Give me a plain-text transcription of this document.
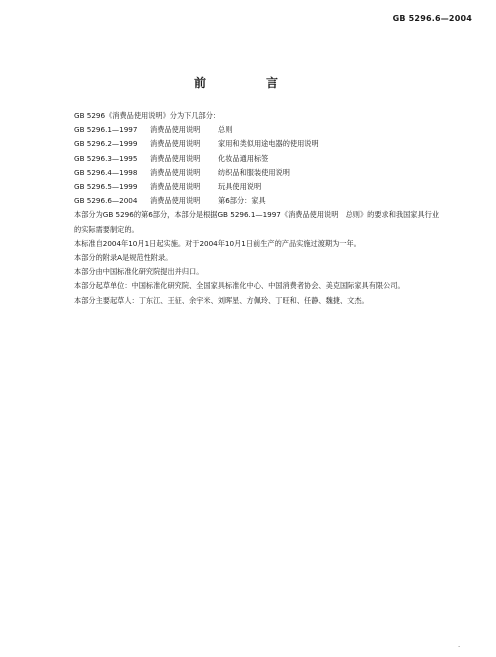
GB 5296.6—2004
前　言

GB 5296《消费品使用说明》分为下几部分：

GB 5296.1—1997	消费品使用说明	总则
GB 5296.2—1999	消费品使用说明	家用和类似用途电器的使用说明
GB 5296.3—1995	消费品使用说明	化妆品通用标签
GB 5296.4—1998	消费品使用说明	纺织品和服装使用说明
GB 5296.5—1999	消费品使用说明	玩具使用说明
GB 5296.6—2004	消费品使用说明	第6部分：家具

本部分为GB 5296的第6部分，本部分是根据GB 5296.1—1997《消费品使用说明　总则》的要求和我国家具行业的实际需要制定的。

本标准自2004年10月1日起实施。对于2004年10月1日前生产的产品实施过渡期为一年。

本部分的附录A是规范性附录。

本部分由中国标准化研究院提出并归口。

本部分起草单位：中国标准化研究院、全国家具标准化中心、中国消费者协会、美克国际家具有限公司。

本部分主要起草人：丁东江、王征、余宇米、刘晖星、方佩玲、丁旺和、任静、魏捷、文杰。

·
